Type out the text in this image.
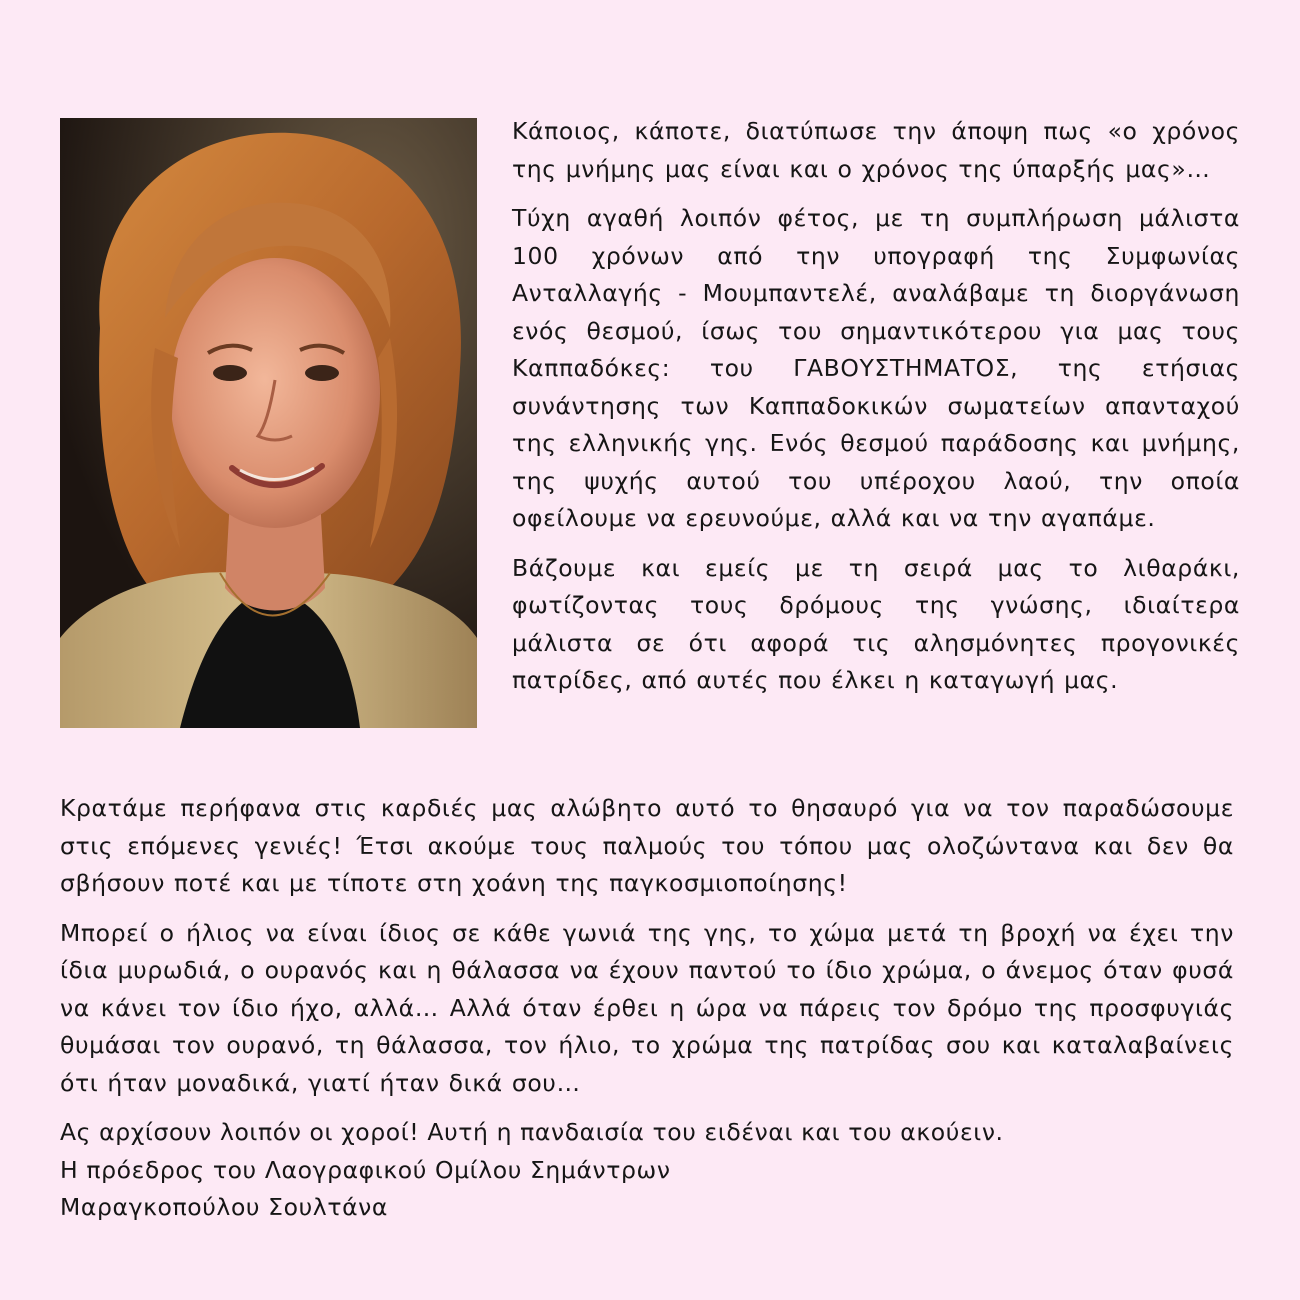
Κάποιος, κάποτε, διατύπωσε την άποψη πως «ο χρόνος της μνήμης μας είναι και ο χρόνος της ύπαρξής μας»…

Τύχη αγαθή λοιπόν φέτος, με τη συμπλήρωση μάλιστα 100 χρόνων από την υπογραφή της Συμφωνίας Ανταλλαγής - Μουμπαντελέ, αναλάβαμε τη διοργάνωση ενός θεσμού, ίσως του σημαντικότερου για μας τους Καππαδόκες: του ΓΑΒΟΥΣΤΗΜΑΤΟΣ, της ετήσιας συνάντησης των Καππαδοκικών σωματείων απανταχού της ελληνικής γης. Ενός θεσμού παράδοσης και μνήμης, της ψυχής αυτού του υπέροχου λαού, την οποία οφείλουμε να ερευνούμε, αλλά και να την αγαπάμε.

Βάζουμε και εμείς με τη σειρά μας το λιθαράκι, φωτίζοντας τους δρόμους της γνώσης, ιδιαίτερα μάλιστα σε ότι αφορά τις αλησμόνητες προγονικές πατρίδες, από αυτές που έλκει η καταγωγή μας.

Κρατάμε περήφανα στις καρδιές μας αλώβητο αυτό το θησαυρό για να τον παραδώσουμε στις επόμενες γενιές! Έτσι ακούμε τους παλμούς του τόπου μας ολοζώντανα και δεν θα σβήσουν ποτέ και με τίποτε στη χοάνη της παγκοσμιοποίησης!

Μπορεί ο ήλιος να είναι ίδιος σε κάθε γωνιά της γης, το χώμα μετά τη βροχή να έχει την ίδια μυρωδιά, ο ουρανός και η θάλασσα να έχουν παντού το ίδιο χρώμα, ο άνεμος όταν φυσά να κάνει τον ίδιο ήχο, αλλά… Αλλά όταν έρθει η ώρα να πάρεις τον δρόμο της προσφυγιάς θυμάσαι τον ουρανό, τη θάλασσα, τον ήλιο, το χρώμα της πατρίδας σου και καταλαβαίνεις ότι ήταν μοναδικά, γιατί ήταν δικά σου…

Ας αρχίσουν λοιπόν οι χοροί! Αυτή η πανδαισία του ειδέναι και του ακούειν.
Η πρόεδρος του Λαογραφικού Ομίλου Σημάντρων
Μαραγκοπούλου Σουλτάνα
